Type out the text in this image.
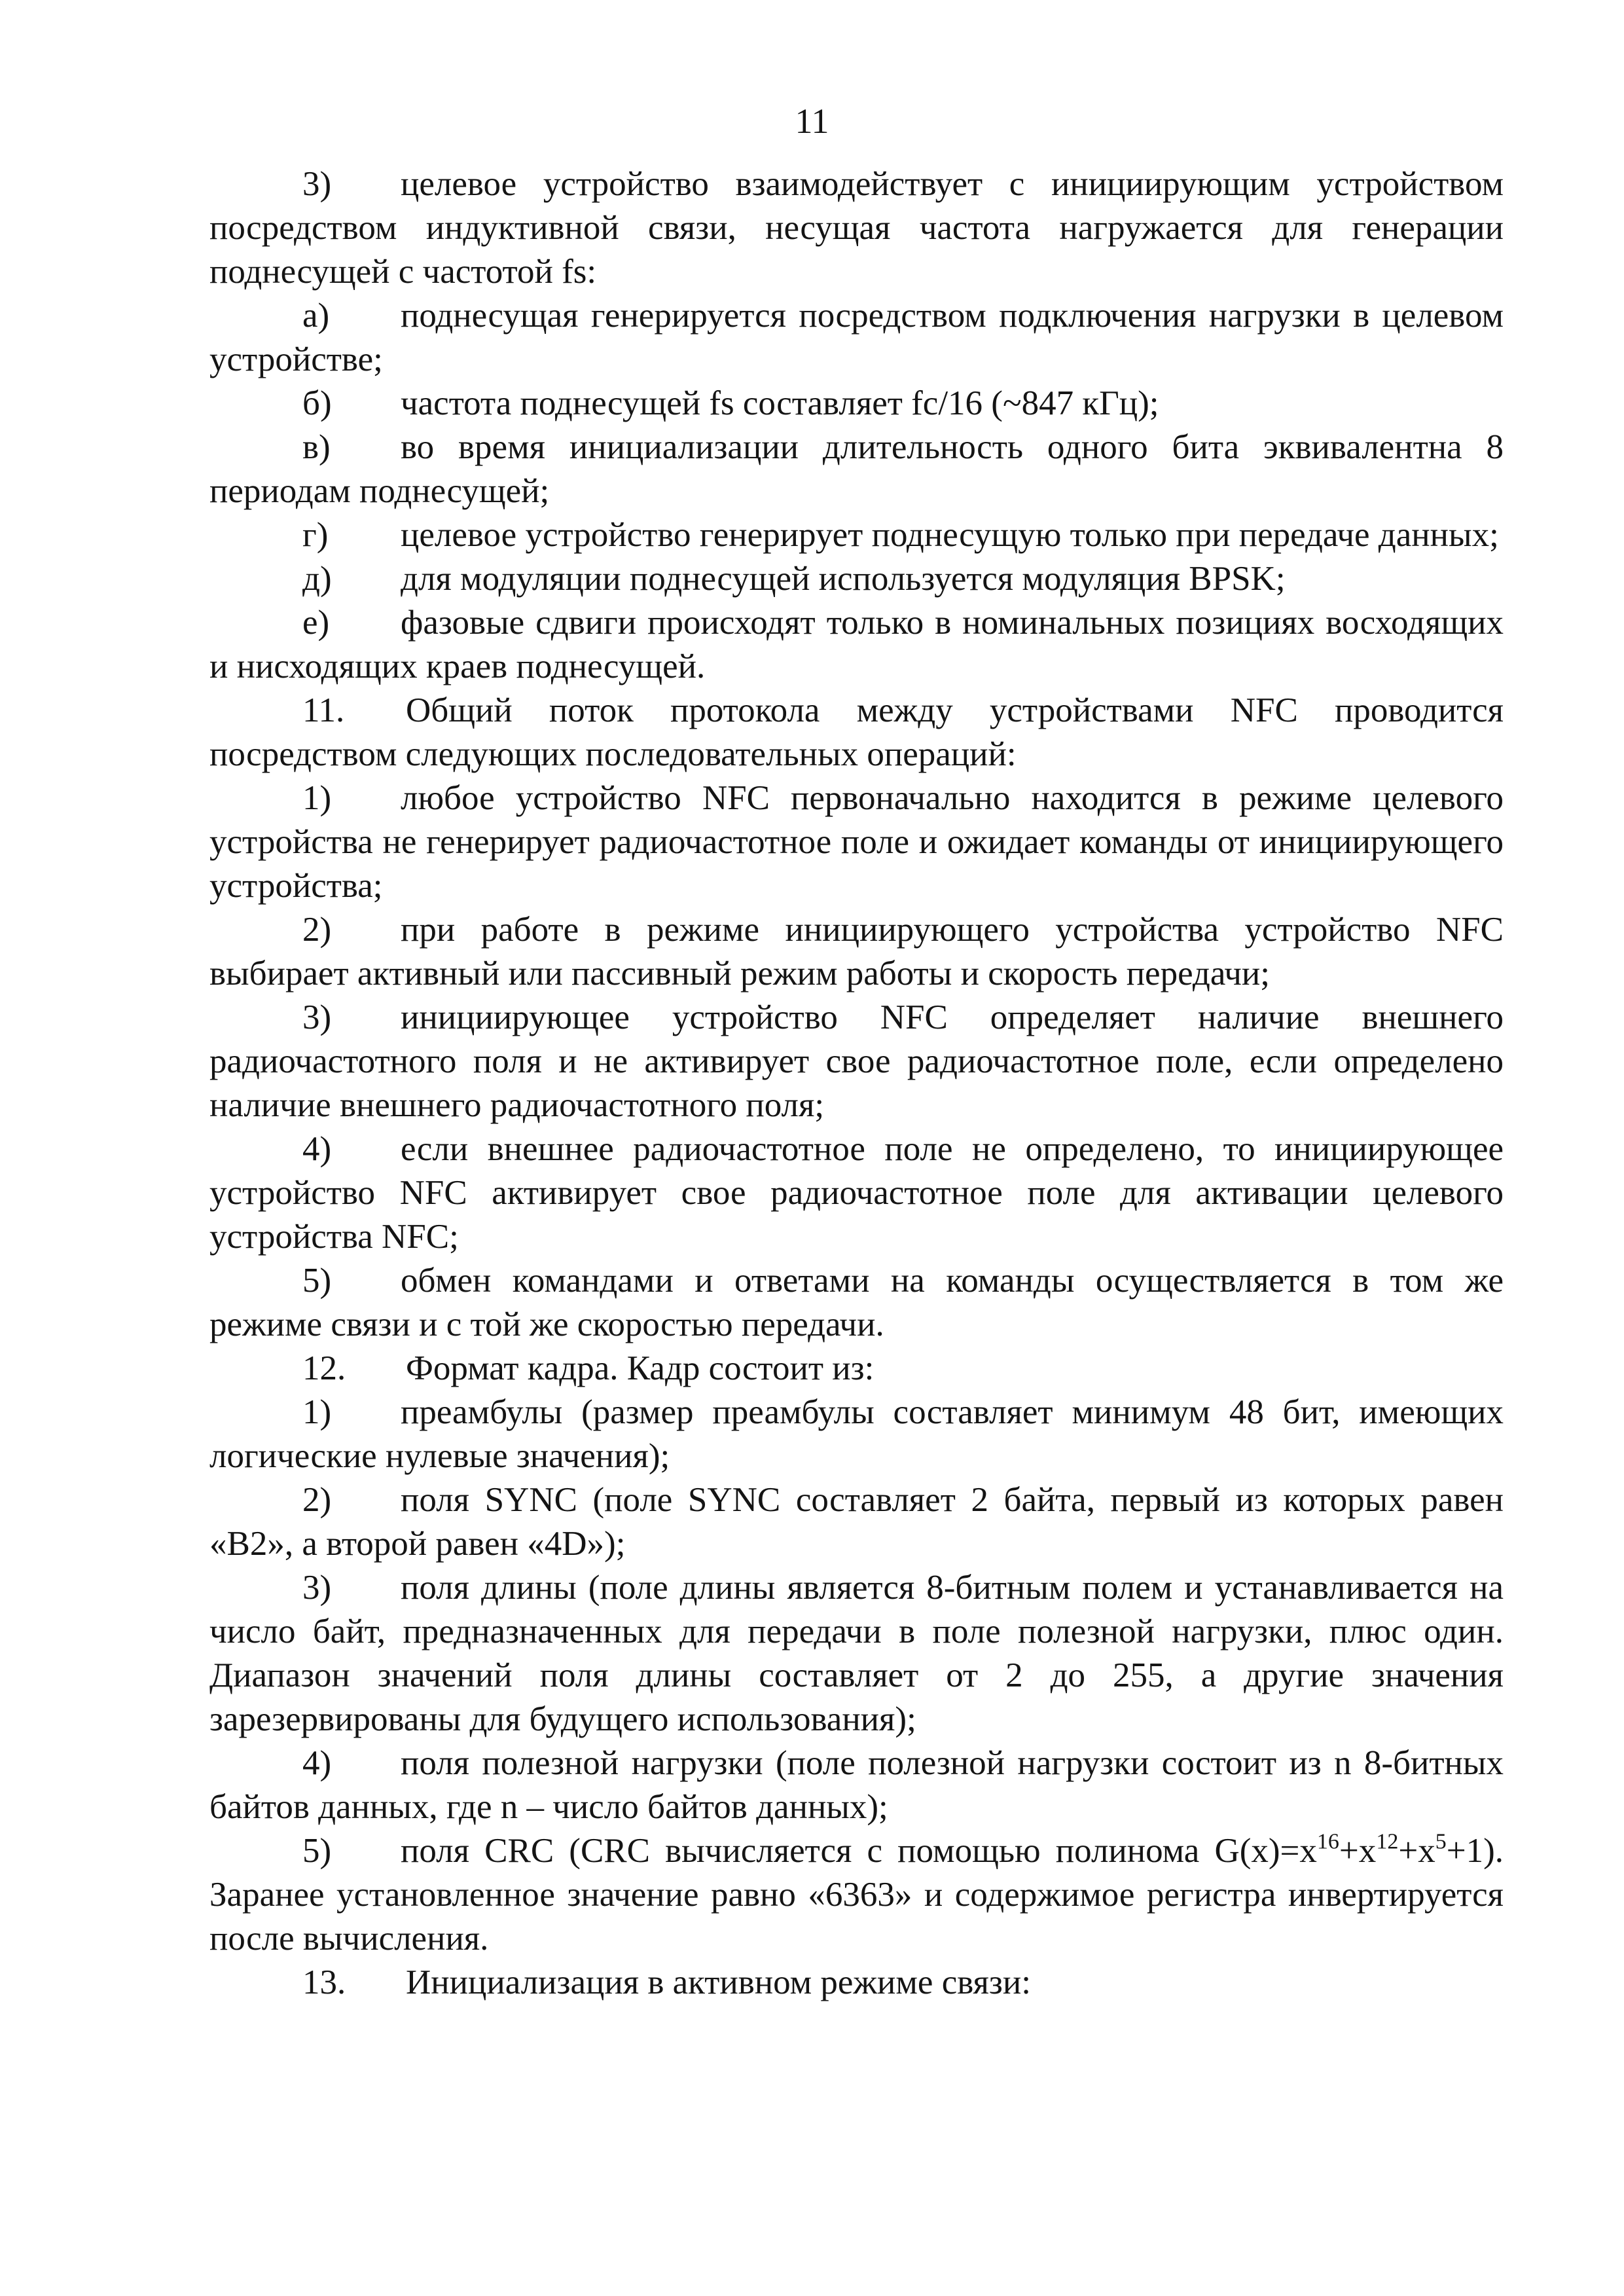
11

3) целевое устройство взаимодействует с инициирующим устройством посредством индуктивной связи, несущая частота нагружается для генерации поднесущей с частотой fs:

а) поднесущая генерируется посредством подключения нагрузки в целевом устройстве;

б) частота поднесущей fs составляет fc/16 (~847 кГц);

в) во время инициализации длительность одного бита эквивалентна 8 периодам поднесущей;

г) целевое устройство генерирует поднесущую только при передаче данных;

д) для модуляции поднесущей используется модуляция BPSK;

е) фазовые сдвиги происходят только в номинальных позициях восходящих и нисходящих краев поднесущей.

11. Общий поток протокола между устройствами NFC проводится посредством следующих последовательных операций:

1) любое устройство NFC первоначально находится в режиме целевого устройства не генерирует радиочастотное поле и ожидает команды от инициирующего устройства;

2) при работе в режиме инициирующего устройства устройство NFC выбирает активный или пассивный режим работы и скорость передачи;

3) инициирующее устройство NFC определяет наличие внешнего радиочастотного поля и не активирует свое радиочастотное поле, если определено наличие внешнего радиочастотного поля;

4) если внешнее радиочастотное поле не определено, то инициирующее устройство NFC активирует свое радиочастотное поле для активации целевого устройства NFC;

5) обмен командами и ответами на команды осуществляется в том же режиме связи и с той же скоростью передачи.

12. Формат кадра. Кадр состоит из:

1) преамбулы (размер преамбулы составляет минимум 48 бит, имеющих логические нулевые значения);

2) поля SYNC (поле SYNC составляет 2 байта, первый из которых равен «B2», а второй равен «4D»);

3) поля длины (поле длины является 8-битным полем и устанавливается на число байт, предназначенных для передачи в поле полезной нагрузки, плюс один. Диапазон значений поля длины составляет от 2 до 255, а другие значения зарезервированы для будущего использования);

4) поля полезной нагрузки (поле полезной нагрузки состоит из n 8-битных байтов данных, где n – число байтов данных);

5) поля CRC (CRC вычисляется с помощью полинома $G(x)=x^{16}+x^{12}+x^5+1$). Заранее установленное значение равно «6363» и содержимое регистра инвертируется после вычисления.

13. Инициализация в активном режиме связи:
